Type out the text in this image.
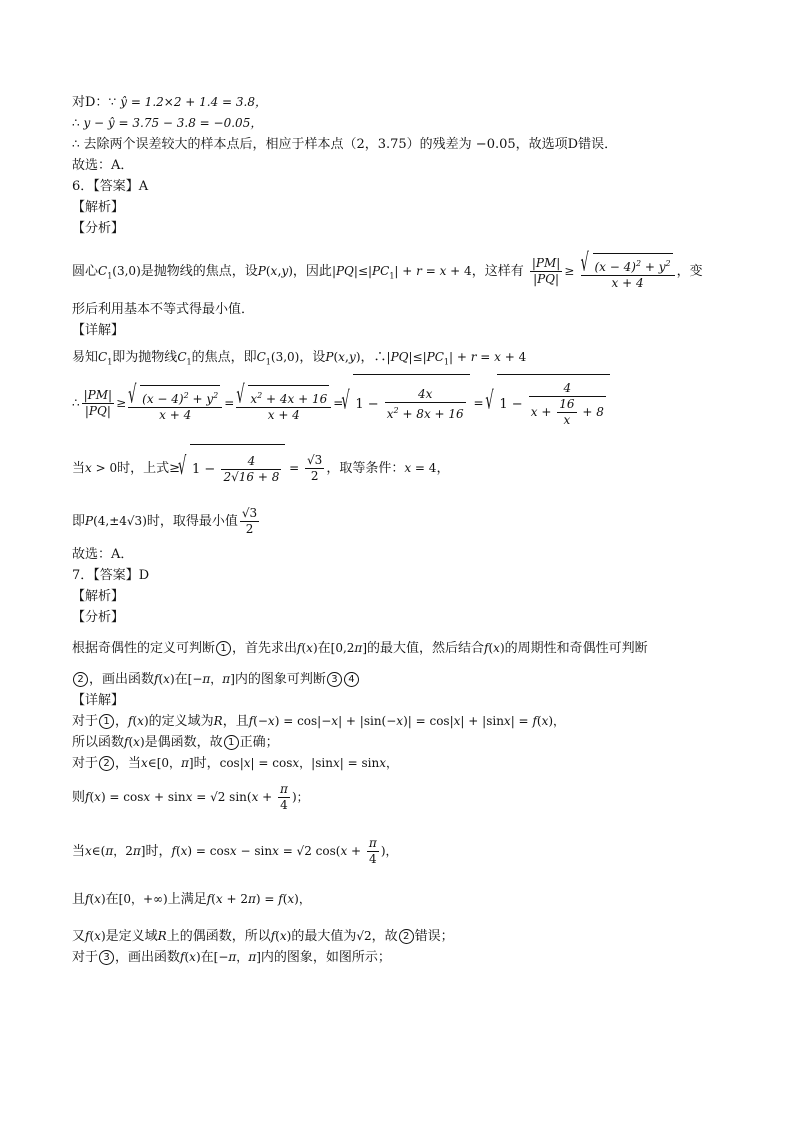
对D：∵ ŷ = 1.2×2 + 1.4 = 3.8，
∴ y − ŷ = 3.75 − 3.8 = −0.05，
∴ 去除两个误差较大的样本点后，相应于样本点（2，3.75）的残差为 −0.05，故选项D错误．
故选：A．
6．【答案】A
【解析】
【分析】
圆心$C_1(3,0)$是抛物线的焦点，设P(x,y)，因此$|PQ|\le|PC_1| + r = x + 4$，这样有 $\frac{|PM|}{|PQ|}$ ≥ √ $\frac{(x - 4)^2 + y^2}{x + 4}$ ，变
形后利用基本不等式得最小值．
【详解】
易知$C_1$即为抛物线$C_1$的焦点，即$C_1(3,0)$，设P(x,y)，$\therefore|PQ|\le|PC_1| + r = x + 4$
∴ $\frac{|PM|}{|PQ|}$ ≥ √ $\frac{(x - 4)^2 + y^2}{x + 4}$ = √ $\frac{x^2 + 4x + 16}{x + 4}$ = √ $1 - \frac{4x}{x^2 + 8x + 16}$ = √ $1 - \frac{4}{x + \frac{16}{x} + 8}$
当x > 0时，上式≥ √ $1 - \frac{4}{2√16 + 8} = \frac{√3}{2}$ ，取等条件：x = 4，
即P(4,±4√3)时，取得最小值 $\frac{√3}{2}$
故选：A．
7．【答案】D
【解析】
【分析】
根据奇偶性的定义可判断 1 ，首先求出f(x)在[0,2π]的最大值，然后结合f(x)的周期性和奇偶性可判断
2 ，画出函数f(x)在[−π，π]内的图象可判断 3 4
【详解】
对于 1 ，f(x)的定义域为R，且f(−x) = cos|−x| + |sin(−x)| = cos|x| + |sinx| = f(x)，
所以函数f(x)是偶函数，故 1 正确；
对于 2 ，当x∈[0，π]时，cos|x| = cosx，|sinx| = sinx，
则f(x) = cosx + sinx = √2 $\sin(x + \frac{\pi}{4}$ )；
当x∈(π，2π]时，f(x) = cosx − sinx = √2 $\cos(x + \frac{\pi}{4}$ )，
且f(x)在[0，+∞)上满足f(x + 2π) = f(x)，
又f(x)是定义域R上的偶函数，所以f(x)的最大值为√2，故 2 错误；
对于 3 ，画出函数f(x)在[−π，π]内的图象，如图所示；
